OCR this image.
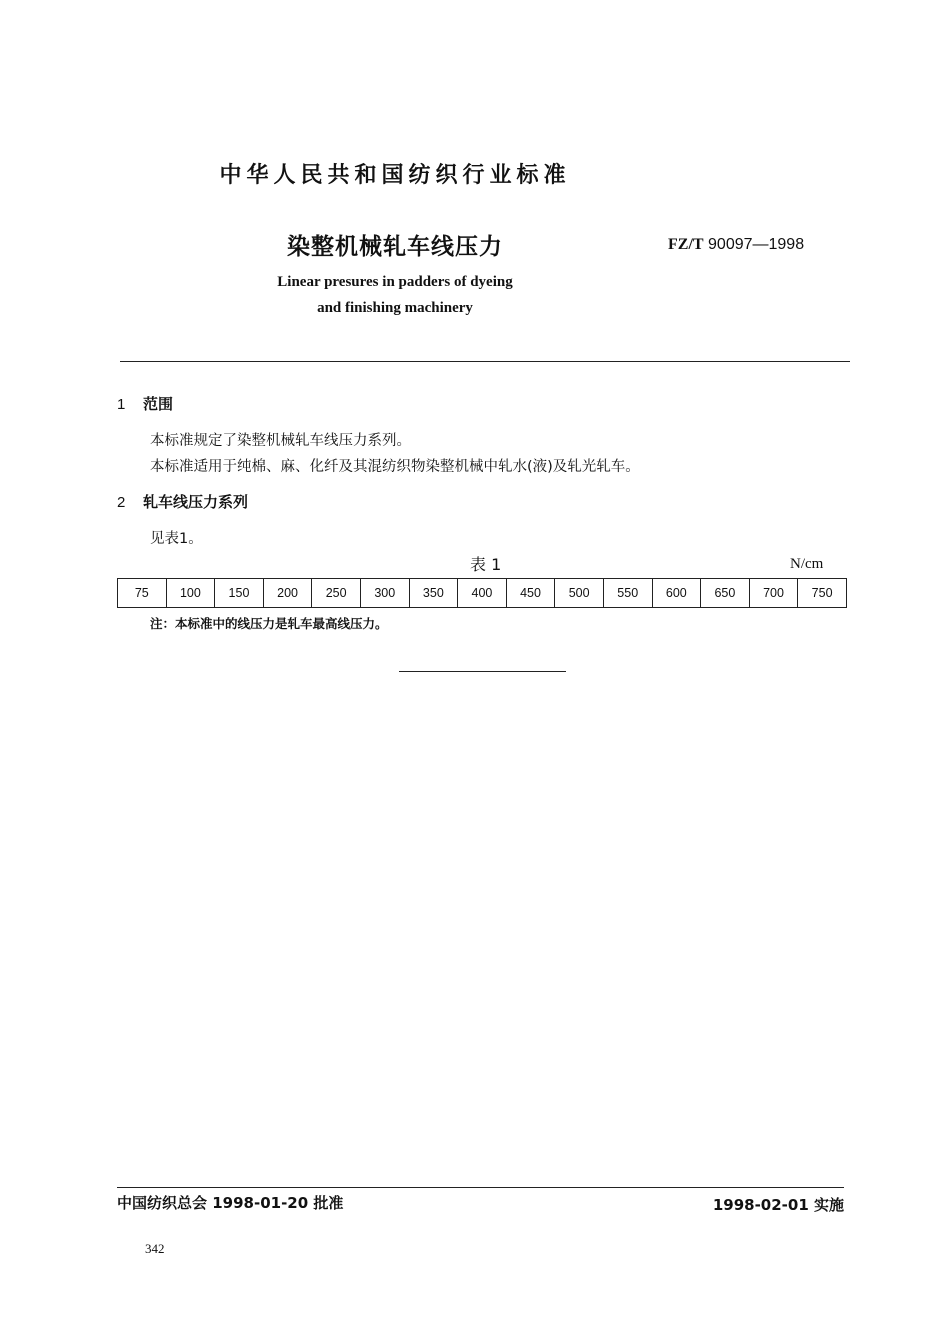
中华人民共和国纺织行业标准
染整机械轧车线压力	FZ/T 90097—1998
Linear presures in padders of dyeing
and finishing machinery
1 范围
本标准规定了染整机械轧车线压力系列。
本标准适用于纯棉、麻、化纤及其混纺织物染整机械中轧水(液)及轧光轧车。
2 轧车线压力系列
见表1。
表 1	N/cm
75	100	150	200	250	300	350	400	450	500	550	600	650	700	750
注：本标准中的线压力是轧车最高线压力。
中国纺织总会 1998-01-20 批准	1998-02-01 实施
342
